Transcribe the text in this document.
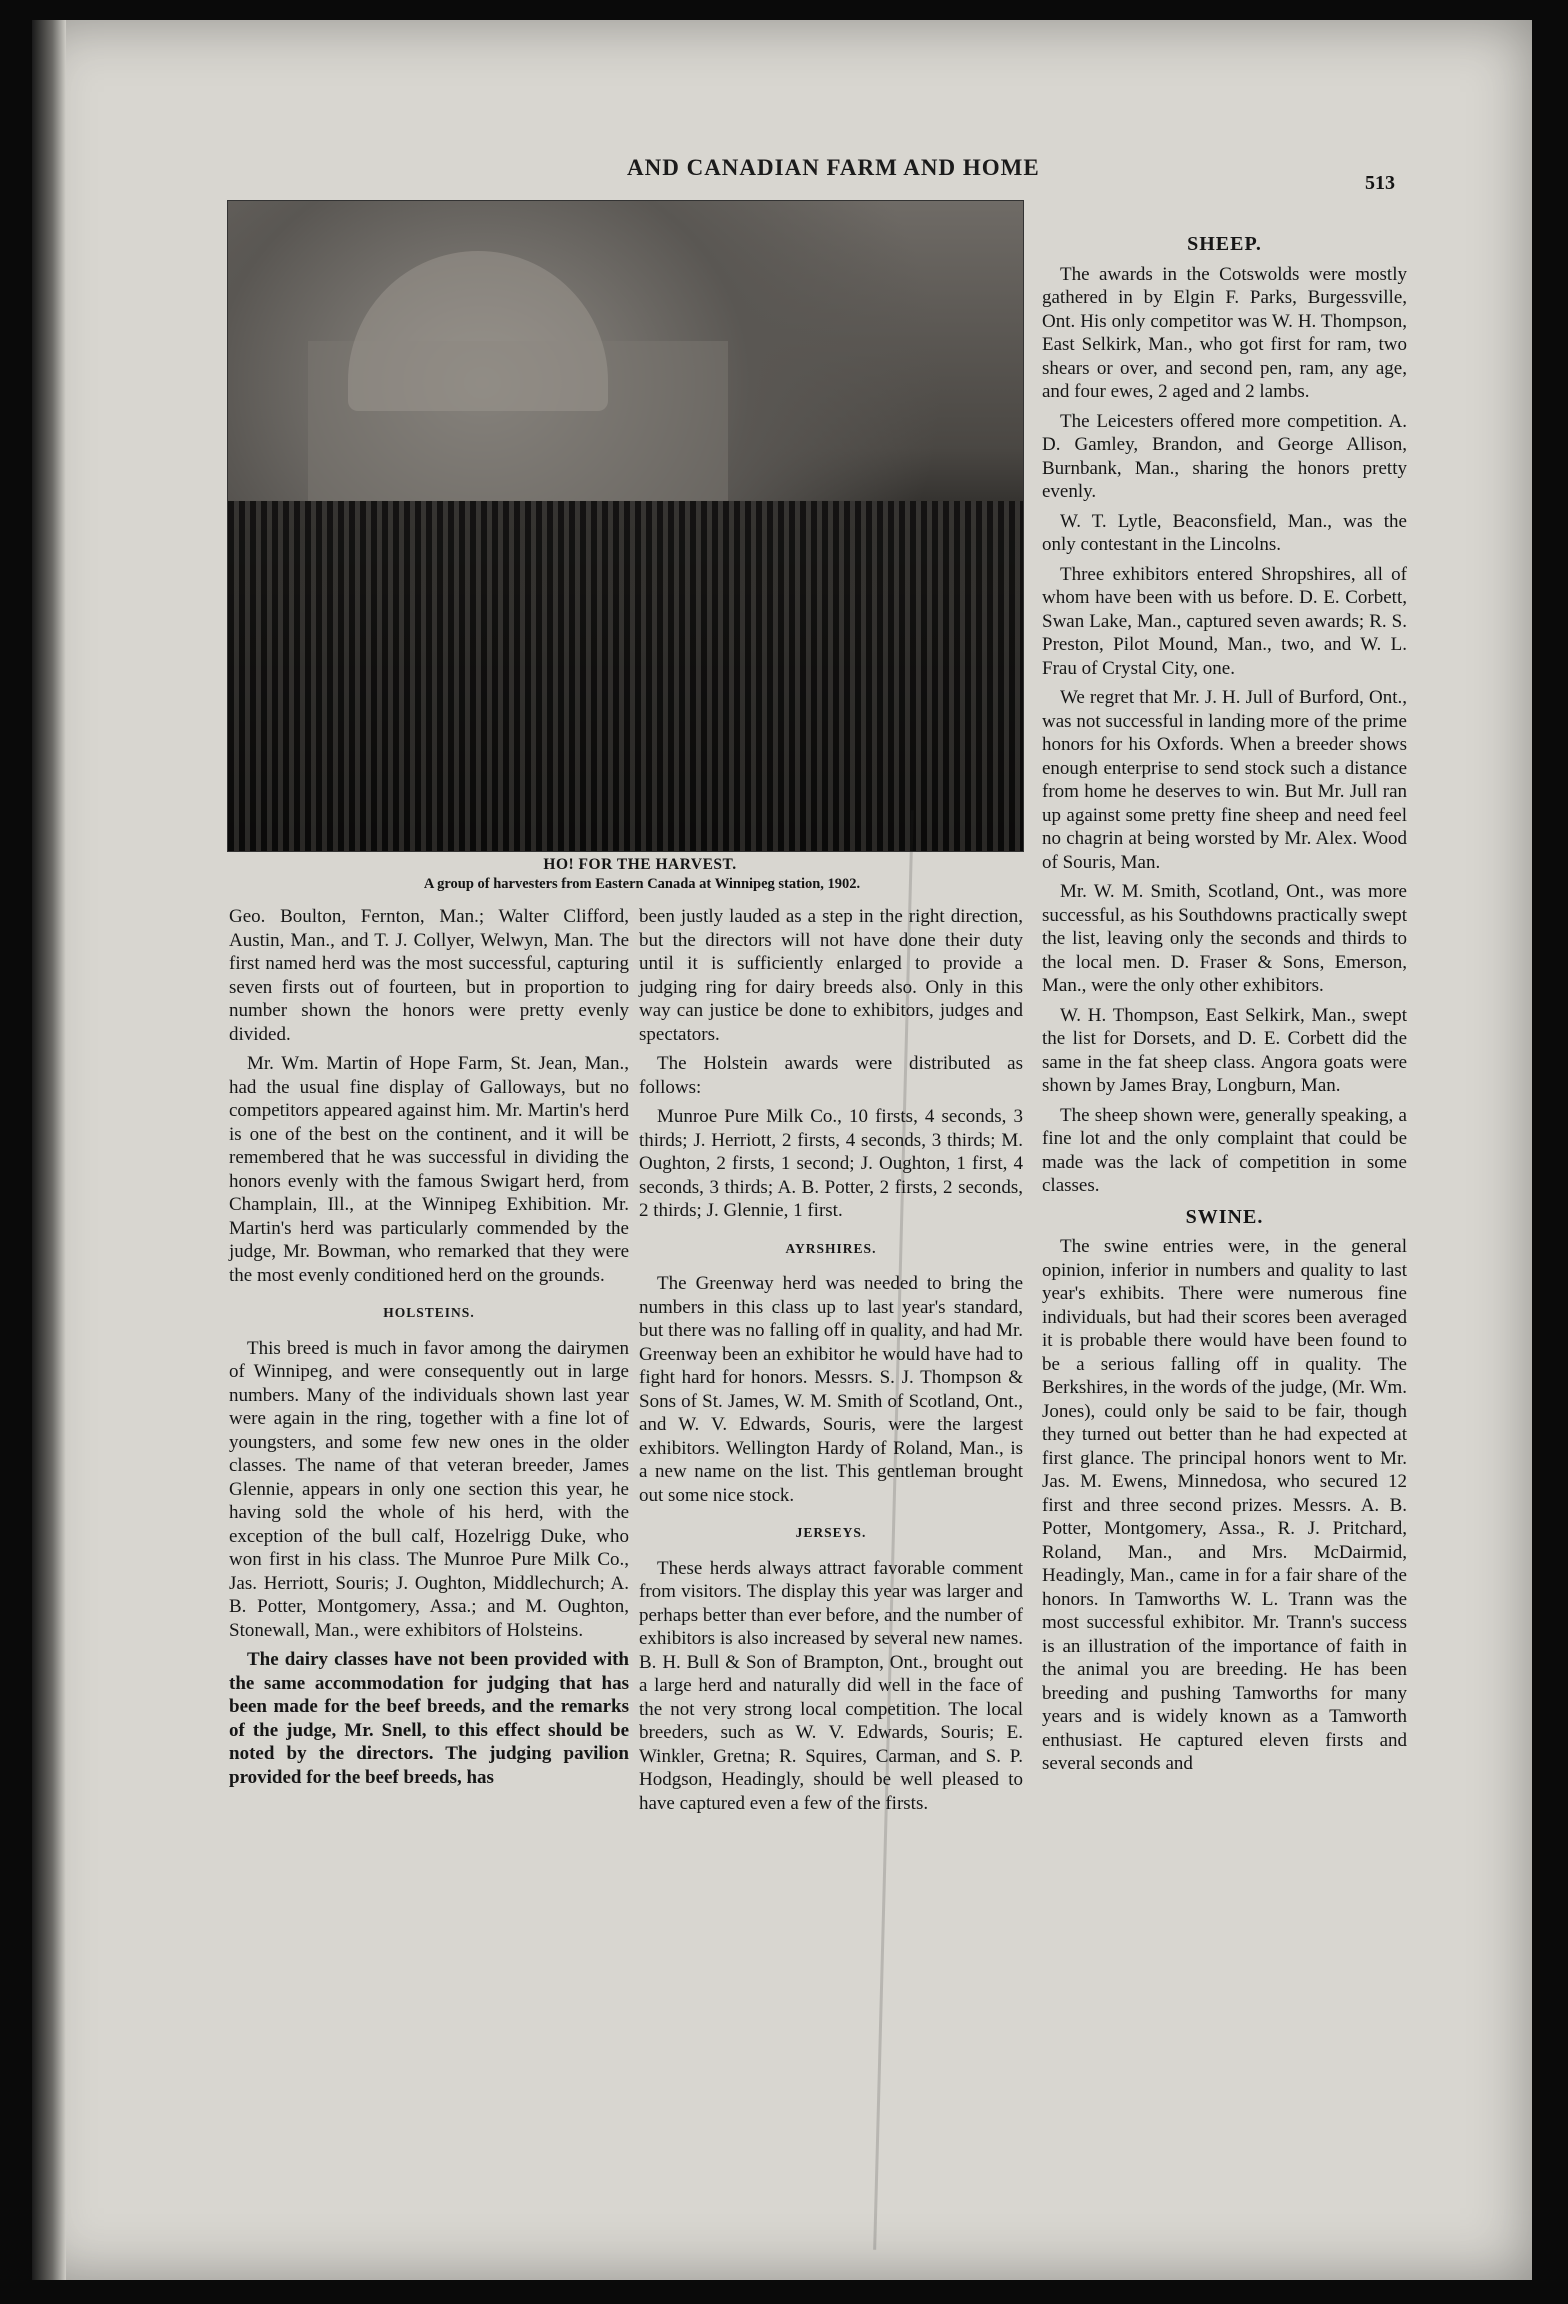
AND CANADIAN FARM AND HOME
513
HO! FOR THE HARVEST.
A group of harvesters from Eastern Canada at Winnipeg station, 1902.

Geo. Boulton, Fernton, Man.; Walter Clifford, Austin, Man., and T. J. Collyer, Welwyn, Man. The first named herd was the most successful, capturing seven firsts out of fourteen, but in proportion to number shown the honors were pretty evenly divided.

Mr. Wm. Martin of Hope Farm, St. Jean, Man., had the usual fine display of Galloways, but no competitors appeared against him. Mr. Martin's herd is one of the best on the continent, and it will be remembered that he was successful in dividing the honors evenly with the famous Swigart herd, from Champlain, Ill., at the Winnipeg Exhibition. Mr. Martin's herd was particularly commended by the judge, Mr. Bowman, who remarked that they were the most evenly conditioned herd on the grounds.

HOLSTEINS.

This breed is much in favor among the dairymen of Winnipeg, and were consequently out in large numbers. Many of the individuals shown last year were again in the ring, together with a fine lot of youngsters, and some few new ones in the older classes. The name of that veteran breeder, James Glennie, appears in only one section this year, he having sold the whole of his herd, with the exception of the bull calf, Hozelrigg Duke, who won first in his class. The Munroe Pure Milk Co., Jas. Herriott, Souris; J. Oughton, Middlechurch; A. B. Potter, Montgomery, Assa.; and M. Oughton, Stonewall, Man., were exhibitors of Holsteins.

The dairy classes have not been provided with the same accommodation for judging that has been made for the beef breeds, and the remarks of the judge, Mr. Snell, to this effect should be noted by the directors. The judging pavilion provided for the beef breeds, has

been justly lauded as a step in the right direction, but the directors will not have done their duty until it is sufficiently enlarged to provide a judging ring for dairy breeds also. Only in this way can justice be done to exhibitors, judges and spectators.

The Holstein awards were distributed as follows:

Munroe Pure Milk Co., 10 firsts, 4 seconds, 3 thirds; J. Herriott, 2 firsts, 4 seconds, 3 thirds; M. Oughton, 2 firsts, 1 second; J. Oughton, 1 first, 4 seconds, 3 thirds; A. B. Potter, 2 firsts, 2 seconds, 2 thirds; J. Glennie, 1 first.

AYRSHIRES.

The Greenway herd was needed to bring the numbers in this class up to last year's standard, but there was no falling off in quality, and had Mr. Greenway been an exhibitor he would have had to fight hard for honors. Messrs. S. J. Thompson & Sons of St. James, W. M. Smith of Scotland, Ont., and W. V. Edwards, Souris, were the largest exhibitors. Wellington Hardy of Roland, Man., is a new name on the list. This gentleman brought out some nice stock.

JERSEYS.

These herds always attract favorable comment from visitors. The display this year was larger and perhaps better than ever before, and the number of exhibitors is also increased by several new names. B. H. Bull & Son of Brampton, Ont., brought out a large herd and naturally did well in the face of the not very strong local competition. The local breeders, such as W. V. Edwards, Souris; E. Winkler, Gretna; R. Squires, Carman, and S. P. Hodgson, Headingly, should be well pleased to have captured even a few of the firsts.

SHEEP.

The awards in the Cotswolds were mostly gathered in by Elgin F. Parks, Burgessville, Ont. His only competitor was W. H. Thompson, East Selkirk, Man., who got first for ram, two shears or over, and second pen, ram, any age, and four ewes, 2 aged and 2 lambs.

The Leicesters offered more competition. A. D. Gamley, Brandon, and George Allison, Burnbank, Man., sharing the honors pretty evenly.

W. T. Lytle, Beaconsfield, Man., was the only contestant in the Lincolns.

Three exhibitors entered Shropshires, all of whom have been with us before. D. E. Corbett, Swan Lake, Man., captured seven awards; R. S. Preston, Pilot Mound, Man., two, and W. L. Frau of Crystal City, one.

We regret that Mr. J. H. Jull of Burford, Ont., was not successful in landing more of the prime honors for his Oxfords. When a breeder shows enough enterprise to send stock such a distance from home he deserves to win. But Mr. Jull ran up against some pretty fine sheep and need feel no chagrin at being worsted by Mr. Alex. Wood of Souris, Man.

Mr. W. M. Smith, Scotland, Ont., was more successful, as his Southdowns practically swept the list, leaving only the seconds and thirds to the local men. D. Fraser & Sons, Emerson, Man., were the only other exhibitors.

W. H. Thompson, East Selkirk, Man., swept the list for Dorsets, and D. E. Corbett did the same in the fat sheep class. Angora goats were shown by James Bray, Longburn, Man.

The sheep shown were, generally speaking, a fine lot and the only complaint that could be made was the lack of competition in some classes.

SWINE.

The swine entries were, in the general opinion, inferior in numbers and quality to last year's exhibits. There were numerous fine individuals, but had their scores been averaged it is probable there would have been found to be a serious falling off in quality. The Berkshires, in the words of the judge, (Mr. Wm. Jones), could only be said to be fair, though they turned out better than he had expected at first glance. The principal honors went to Mr. Jas. M. Ewens, Minnedosa, who secured 12 first and three second prizes. Messrs. A. B. Potter, Montgomery, Assa., R. J. Pritchard, Roland, Man., and Mrs. McDairmid, Headingly, Man., came in for a fair share of the honors. In Tamworths W. L. Trann was the most successful exhibitor. Mr. Trann's success is an illustration of the importance of faith in the animal you are breeding. He has been breeding and pushing Tamworths for many years and is widely known as a Tamworth enthusiast. He captured eleven firsts and several seconds and
